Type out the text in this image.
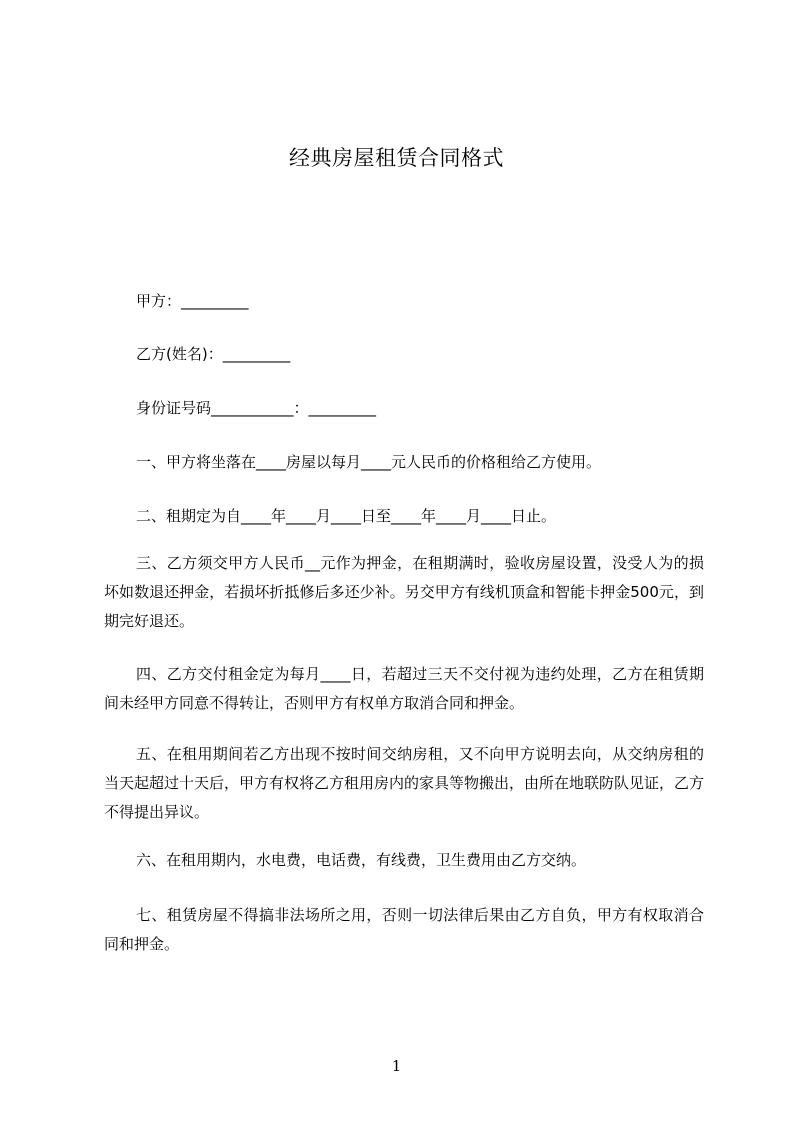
经典房屋租赁合同格式
甲方：_________
乙方(姓名)：_________
身份证号码___________：_________
一、甲方将坐落在____房屋以每月____元人民币的价格租给乙方使用。
二、租期定为自____年____月____日至____年____月____日止。
三、乙方须交甲方人民币__元作为押金，在租期满时，验收房屋设置，没受人为的损坏如数退还押金，若损坏折抵修后多还少补。另交甲方有线机顶盒和智能卡押金500元，到期完好退还。
四、乙方交付租金定为每月____日，若超过三天不交付视为违约处理，乙方在租赁期间未经甲方同意不得转让，否则甲方有权单方取消合同和押金。
五、在租用期间若乙方出现不按时间交纳房租，又不向甲方说明去向，从交纳房租的当天起超过十天后，甲方有权将乙方租用房内的家具等物搬出，由所在地联防队见证，乙方不得提出异议。
六、在租用期内，水电费，电话费，有线费，卫生费用由乙方交纳。
七、租赁房屋不得搞非法场所之用，否则一切法律后果由乙方自负，甲方有权取消合同和押金。
1
